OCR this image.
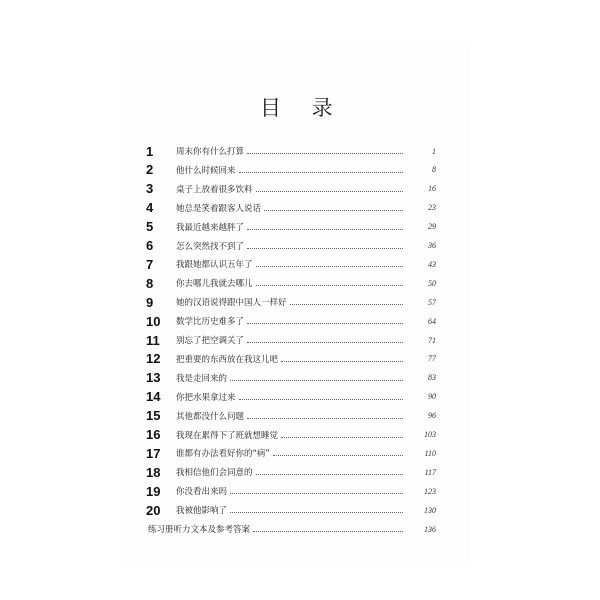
目 录
1	周末你有什么打算	1
2	他什么时候回来	8
3	桌子上放着很多饮料	16
4	她总是笑着跟客人说话	23
5	我最近越来越胖了	29
6	怎么突然找不到了	36
7	我跟她都认识五年了	43
8	你去哪儿我就去哪儿	50
9	她的汉语说得跟中国人一样好	57
10	数学比历史难多了	64
11	别忘了把空调关了	71
12	把重要的东西放在我这儿吧	77
13	我是走回来的	83
14	你把水果拿过来	90
15	其他都没什么问题	96
16	我现在累得下了班就想睡觉	103
17	谁都有办法看好你的“病”	110
18	我相信他们会同意的	117
19	你没看出来吗	123
20	我被他影响了	130
练习册听力文本及参考答案	136
